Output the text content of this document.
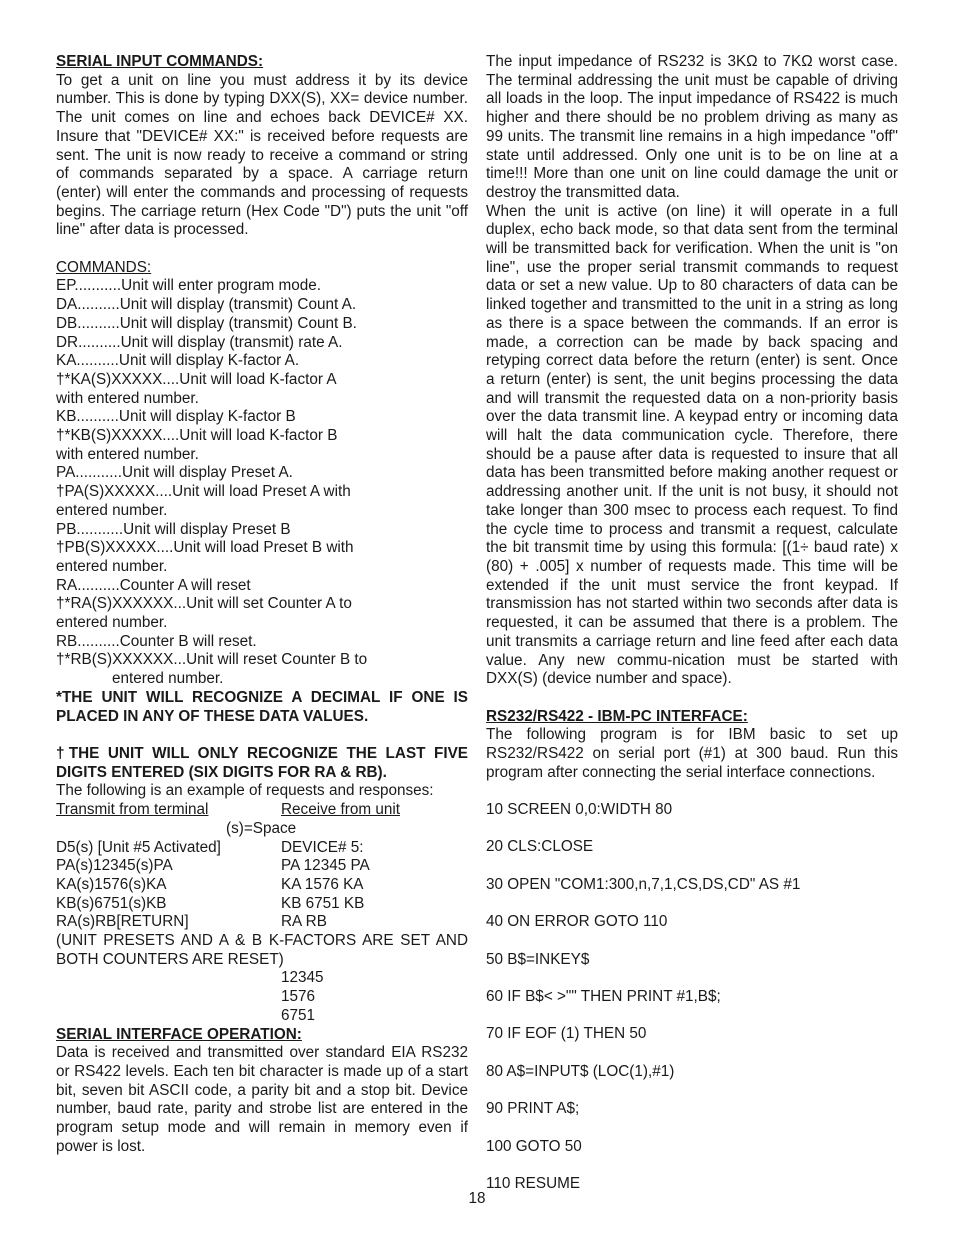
SERIAL INPUT COMMANDS:

To get a unit on line you must address it by its device number. This is done by typing DXX(S), XX= device number. The unit comes on line and echoes back DEVICE# XX. Insure that "DEVICE# XX:" is received before requests are sent. The unit is now ready to receive a command or string of commands separated by a space. A carriage return (enter) will enter the commands and processing of requests begins. The carriage return (Hex Code "D") puts the unit "off line" after data is processed.

COMMANDS:

EP...........Unit will enter program mode.

DA..........Unit will display (transmit) Count A.

DB..........Unit will display (transmit) Count B.

DR..........Unit will display (transmit) rate A.

KA..........Unit will display K-factor A.

†*KA(S)XXXXX....Unit will load K-factor A

with entered number.

KB..........Unit will display K-factor B

†*KB(S)XXXXX....Unit will load K-factor B

with entered number.

PA...........Unit will display Preset A.

†PA(S)XXXXX....Unit will load Preset A with

entered number.

PB...........Unit will display Preset B

†PB(S)XXXXX....Unit will load Preset B with

entered number.

RA..........Counter A will reset

†*RA(S)XXXXXX...Unit will set Counter A to

entered number.

RB..........Counter B will reset.

†*RB(S)XXXXXX...Unit will reset Counter B to

entered number.

*THE UNIT WILL RECOGNIZE A DECIMAL IF ONE IS PLACED IN ANY OF THESE DATA VALUES.

†THE UNIT WILL ONLY RECOGNIZE THE LAST FIVE DIGITS ENTERED (SIX DIGITS FOR RA & RB).

The following is an example of requests and responses:

Transmit from terminal	Receive from unit

(s)=Space

D5(s) [Unit #5 Activated]	DEVICE# 5:
PA(s)12345(s)PA	PA 12345 PA
KA(s)1576(s)KA	KA 1576 KA
KB(s)6751(s)KB	KB 6751 KB
RA(s)RB[RETURN]	RA RB

(UNIT PRESETS AND A & B K-FACTORS ARE SET AND BOTH COUNTERS ARE RESET)

12345

1576

6751

SERIAL INTERFACE OPERATION:

Data is received and transmitted over standard EIA RS232 or RS422 levels. Each ten bit character is made up of a start bit, seven bit ASCII code, a parity bit and a stop bit. Device number, baud rate, parity and strobe list are entered in the program setup mode and will remain in memory even if power is lost.

The input impedance of RS232 is 3KΩ to 7KΩ worst case. The terminal addressing the unit must be capable of driving all loads in the loop. The input impedance of RS422 is much higher and there should be no problem driving as many as 99 units. The transmit line remains in a high impedance "off" state until addressed. Only one unit is to be on line at a time!!! More than one unit on line could damage the unit or destroy the transmitted data.

When the unit is active (on line) it will operate in a full duplex, echo back mode, so that data sent from the terminal will be transmitted back for verification. When the unit is "on line", use the proper serial transmit commands to request data or set a new value. Up to 80 characters of data can be linked together and transmitted to the unit in a string as long as there is a space between the commands. If an error is made, a correction can be made by back spacing and retyping correct data before the return (enter) is sent. Once a return (enter) is sent, the unit begins processing the data and will transmit the requested data on a non-priority basis over the data transmit line. A keypad entry or incoming data will halt the data communication cycle. Therefore, there should be a pause after data is requested to insure that all data has been transmitted before making another request or addressing another unit. If the unit is not busy, it should not take longer than 300 msec to process each request. To find the cycle time to process and transmit a request, calculate the bit transmit time by using this formula: [(1÷ baud rate) x (80) + .005] x number of requests made. This time will be extended if the unit must service the front keypad. If transmission has not started within two seconds after data is requested, it can be assumed that there is a problem. The unit transmits a carriage return and line feed after each data value. Any new commu-nication must be started with DXX(S) (device number and space).

RS232/RS422 - IBM-PC INTERFACE:

The following program is for IBM basic to set up RS232/RS422 on serial port (#1) at 300 baud. Run this program after connecting the serial interface connections.

10 SCREEN 0,0:WIDTH 80

20 CLS:CLOSE

30 OPEN "COM1:300,n,7,1,CS,DS,CD" AS #1

40 ON ERROR GOTO 110

50 B$=INKEY$

60 IF B$< >"" THEN PRINT #1,B$;

70 IF EOF (1) THEN 50

80 A$=INPUT$ (LOC(1),#1)

90 PRINT A$;

100 GOTO 50

110 RESUME

18
